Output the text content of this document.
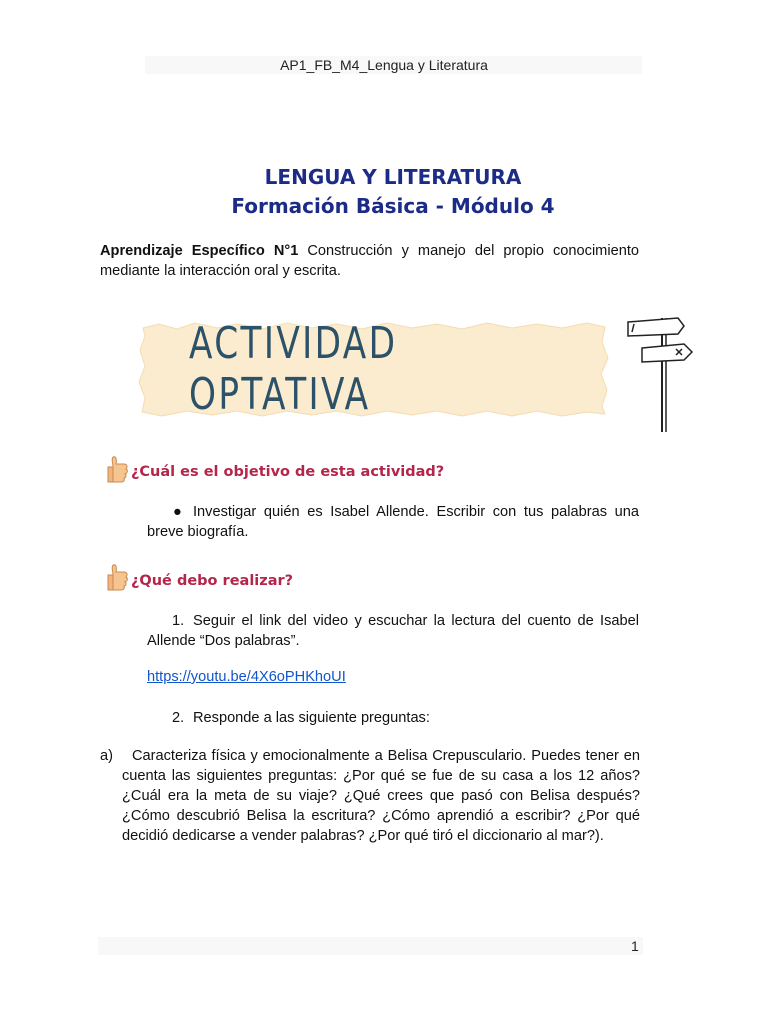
AP1_FB_M4_Lengua y Literatura
LENGUA Y LITERATURA
Formación Básica - Módulo 4
Aprendizaje Específico N°1 Construcción y manejo del propio conocimiento mediante la interacción oral y escrita.
ACTIVIDAD OPTATIVA
¿Cuál es el objetivo de esta actividad?
● Investigar quién es Isabel Allende. Escribir con tus palabras una
breve biografía.
¿Qué debo realizar?
1. Seguir el link del video y escuchar la lectura del cuento de Isabel
Allende “Dos palabras”.
https://youtu.be/4X6oPHKhoUI
2. Responde a las siguiente preguntas:
a)	Caracteriza física y emocionalmente a Belisa Crepusculario. Puedes tener en cuenta las siguientes preguntas: ¿Por qué se fue de su casa a los 12 años? ¿Cuál era la meta de su viaje? ¿Qué crees que pasó con Belisa después? ¿Cómo descubrió Belisa la escritura? ¿Cómo aprendió a escribir? ¿Por qué decidió dedicarse a vender palabras? ¿Por qué tiró el diccionario al mar?).
1
